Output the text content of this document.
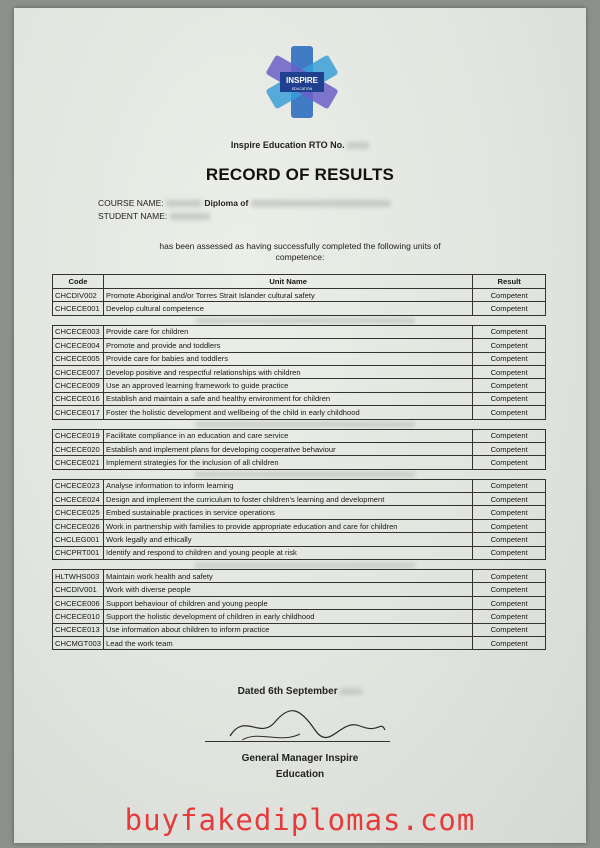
INSPIRE
EDUCATION
Inspire Education RTO No.
RECORD OF RESULTS
COURSE NAME:	Diploma of
STUDENT NAME:
has been assessed as having successfully completed the following units of competence:
Code	Unit Name	Result
CHCDIV002	Promote Aboriginal and/or Torres Strait Islander cultural safety	Competent
CHCECE001	Develop cultural competence	Competent

CHCECE003	Provide care for children	Competent
CHCECE004	Promote and provide and toddlers	Competent
CHCECE005	Provide care for babies and toddlers	Competent
CHCECE007	Develop positive and respectful relationships with children	Competent
CHCECE009	Use an approved learning framework to guide practice	Competent
CHCECE016	Establish and maintain a safe and healthy environment for children	Competent
CHCECE017	Foster the holistic development and wellbeing of the child in early childhood	Competent

CHCECE019	Facilitate compliance in an education and care service	Competent
CHCECE020	Establish and implement plans for developing cooperative behaviour	Competent
CHCECE021	Implement strategies for the inclusion of all children	Competent

CHCECE023	Analyse information to inform learning	Competent
CHCECE024	Design and implement the curriculum to foster children's learning and development	Competent
CHCECE025	Embed sustainable practices in service operations	Competent
CHCECE026	Work in partnership with families to provide appropriate education and care for children	Competent
CHCLEG001	Work legally and ethically	Competent
CHCPRT001	Identify and respond to children and young people at risk	Competent

HLTWHS003	Maintain work health and safety	Competent
CHCDIV001	Work with diverse people	Competent
CHCECE006	Support behaviour of children and young people	Competent
CHCECE010	Support the holistic development of children in early childhood	Competent
CHCECE013	Use information about children to inform practice	Competent
CHCMGT003	Lead the work team	Competent
Dated 6th September
General Manager Inspire
Education
buyfakediplomas.com
